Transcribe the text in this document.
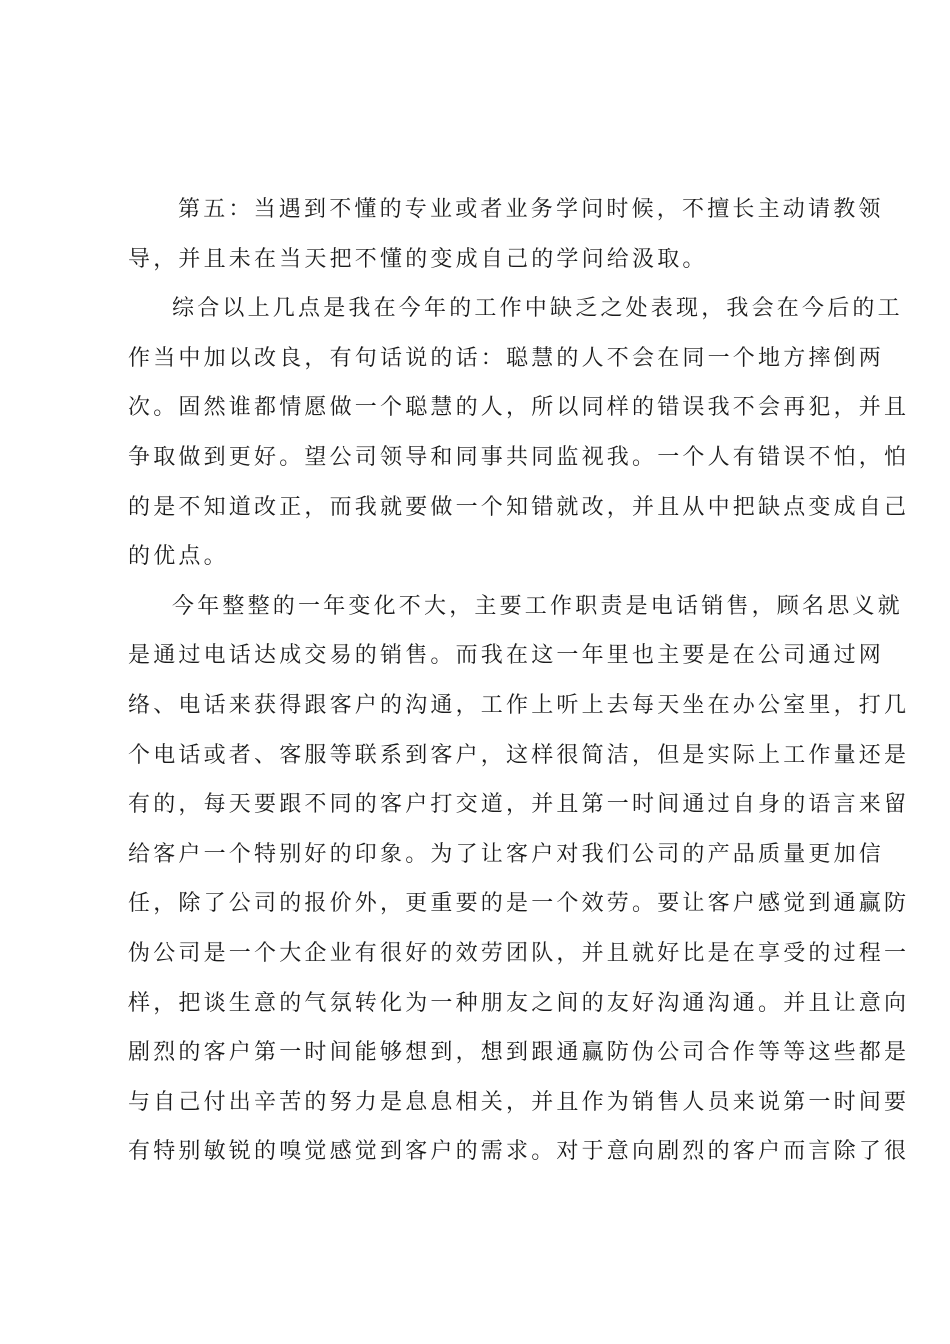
第五：当遇到不懂的专业或者业务学问时候，不擅长主动请教领
导，并且未在当天把不懂的变成自己的学问给汲取。
综合以上几点是我在今年的工作中缺乏之处表现，我会在今后的工
作当中加以改良，有句话说的话：聪慧的人不会在同一个地方摔倒两
次。固然谁都情愿做一个聪慧的人，所以同样的错误我不会再犯，并且
争取做到更好。望公司领导和同事共同监视我。一个人有错误不怕，怕
的是不知道改正，而我就要做一个知错就改，并且从中把缺点变成自己
的优点。
今年整整的一年变化不大，主要工作职责是电话销售，顾名思义就
是通过电话达成交易的销售。而我在这一年里也主要是在公司通过网
络、电话来获得跟客户的沟通，工作上听上去每天坐在办公室里，打几
个电话或者、客服等联系到客户，这样很简洁，但是实际上工作量还是
有的，每天要跟不同的客户打交道，并且第一时间通过自身的语言来留
给客户一个特别好的印象。为了让客户对我们公司的产品质量更加信
任，除了公司的报价外，更重要的是一个效劳。要让客户感觉到通赢防
伪公司是一个大企业有很好的效劳团队，并且就好比是在享受的过程一
样，把谈生意的气氛转化为一种朋友之间的友好沟通沟通。并且让意向
剧烈的客户第一时间能够想到，想到跟通赢防伪公司合作等等这些都是
与自己付出辛苦的努力是息息相关，并且作为销售人员来说第一时间要
有特别敏锐的嗅觉感觉到客户的需求。对于意向剧烈的客户而言除了很
